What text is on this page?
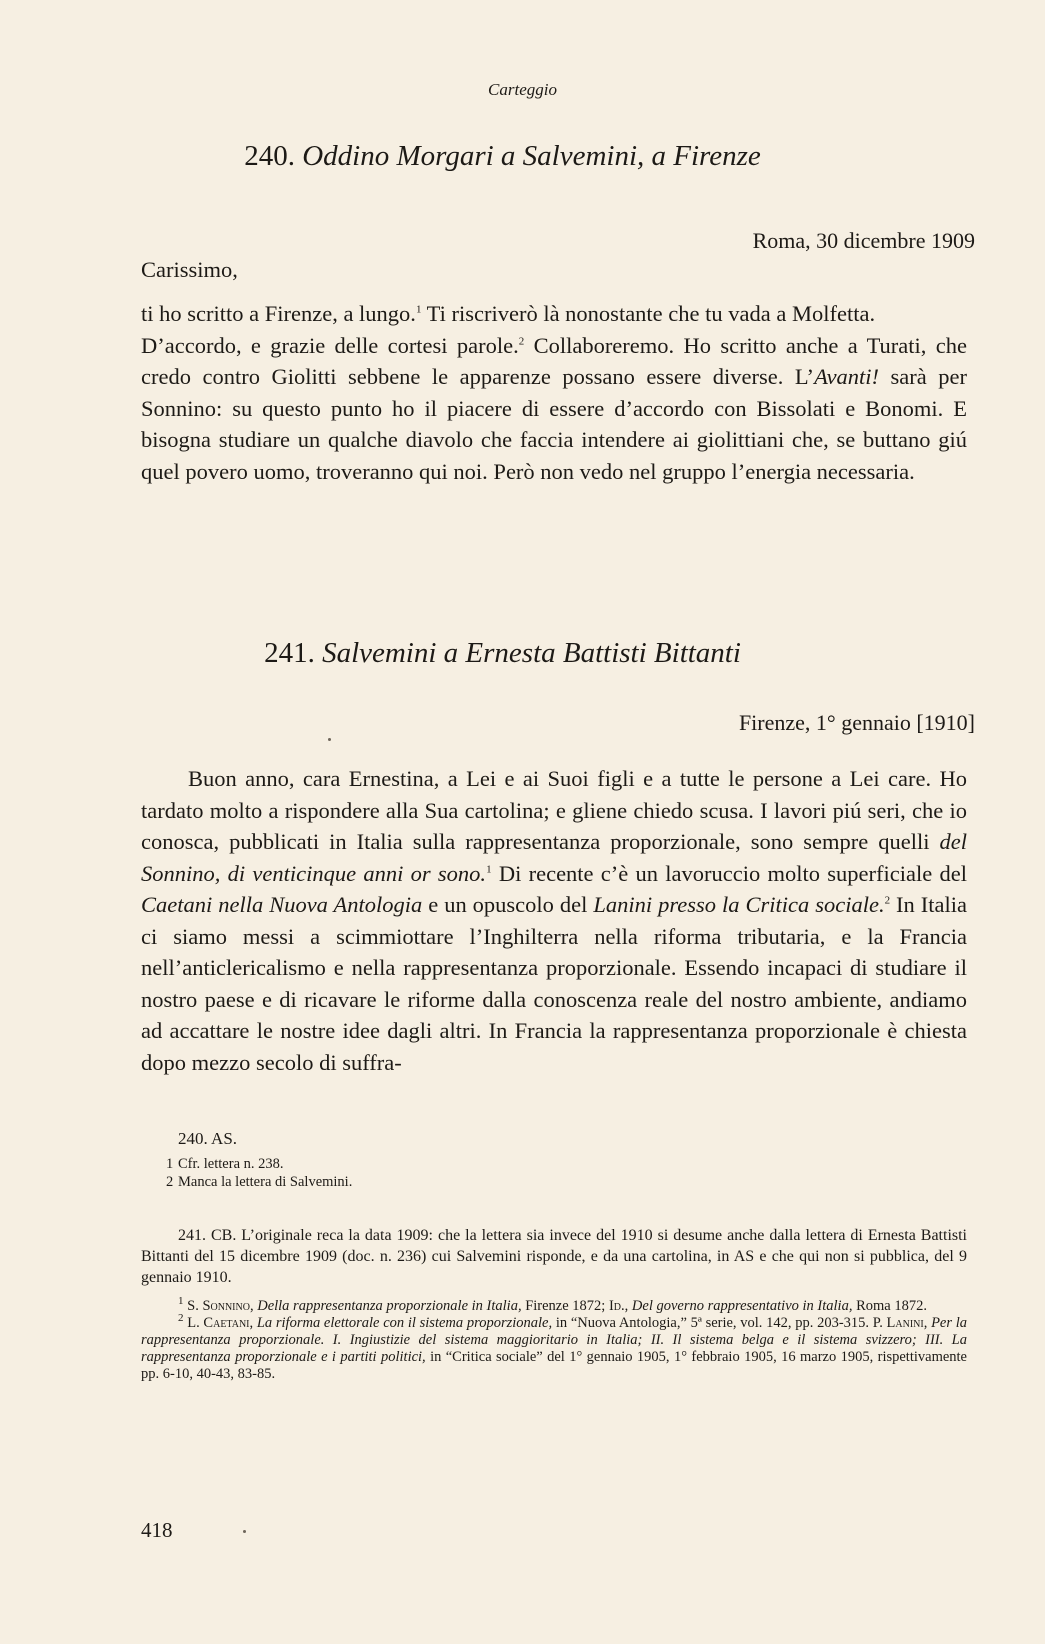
Carteggio
240. Oddino Morgari a Salvemini, a Firenze
Roma, 30 dicembre 1909
Carissimo,

ti ho scritto a Firenze, a lungo.$^1$ Ti riscriverò là nonostante che tu vada a Molfetta.

D’accordo, e grazie delle cortesi parole.$^2$ Collaboreremo. Ho scritto anche a Turati, che credo contro Giolitti sebbene le apparenze possano essere diverse. L’Avanti! sarà per Sonnino: su questo punto ho il piacere di essere d’accordo con Bissolati e Bonomi. E bisogna studiare un qualche diavolo che faccia intendere ai giolittiani che, se buttano giú quel povero uomo, troveranno qui noi. Però non vedo nel gruppo l’energia necessaria.

241. Salvemini a Ernesta Battisti Bittanti
Firenze, 1° gennaio [1910]

Buon anno, cara Ernestina, a Lei e ai Suoi figli e a tutte le persone a Lei care. Ho tardato molto a rispondere alla Sua cartolina; e gliene chiedo scusa. I lavori piú seri, che io conosca, pubblicati in Italia sulla rappresentanza proporzionale, sono sempre quelli del Sonnino, di venticinque anni or sono.$^1$ Di recente c’è un lavoruccio molto superficiale del Caetani nella Nuova Antologia e un opuscolo del Lanini presso la Critica sociale.$^2$ In Italia ci siamo messi a scimmiottare l’Inghilterra nella riforma tributaria, e la Francia nell’anticlericalismo e nella rappresentanza proporzionale. Essendo incapaci di studiare il nostro paese e di ricavare le riforme dalla conoscenza reale del nostro ambiente, andiamo ad accattare le nostre idee dagli altri. In Francia la rappresentanza proporzionale è chiesta dopo mezzo secolo di suffra-

240. AS.
1 Cfr. lettera n. 238.
2 Manca la lettera di Salvemini.
241. CB. L’originale reca la data 1909: che la lettera sia invece del 1910 si desume anche dalla lettera di Ernesta Battisti Bittanti del 15 dicembre 1909 (doc. n. 236) cui Salvemini risponde, e da una cartolina, in AS e che qui non si pubblica, del 9 gennaio 1910.
$^1$ S. Sonnino, Della rappresentanza proporzionale in Italia, Firenze 1872; Id., Del governo rappresentativo in Italia, Roma 1872.
$^2$ L. Caetani, La riforma elettorale con il sistema proporzionale, in “Nuova Antologia,” 5ª serie, vol. 142, pp. 203-315. P. Lanini, Per la rappresentanza proporzionale. I. Ingiustizie del sistema maggioritario in Italia; II. Il sistema belga e il sistema svizzero; III. La rappresentanza proporzionale e i partiti politici, in “Critica sociale” del 1° gennaio 1905, 1° febbraio 1905, 16 marzo 1905, rispettivamente pp. 6-10, 40-43, 83-85.
418
